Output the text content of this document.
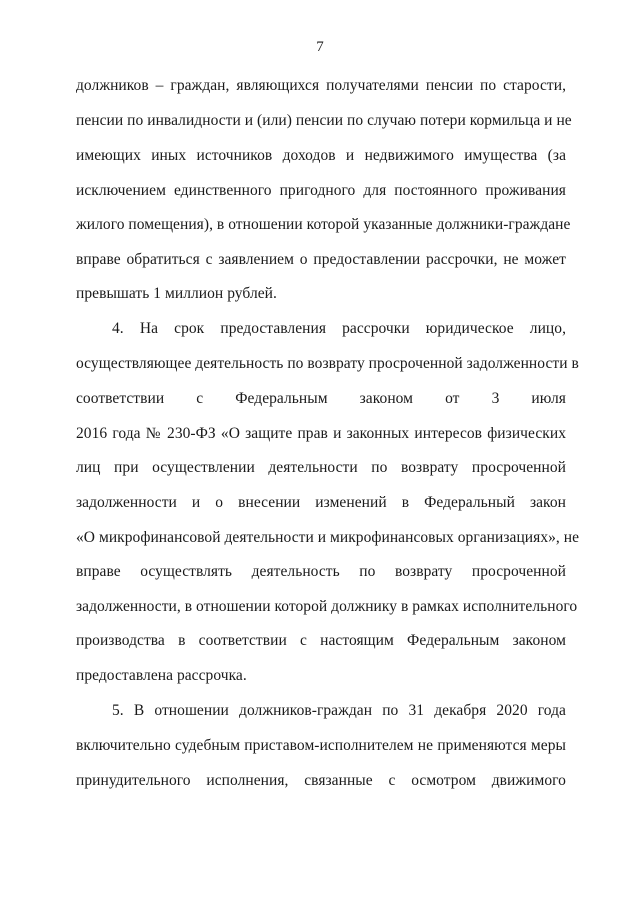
7
должников – граждан, являющихся получателями пенсии по старости,
пенсии по инвалидности и (или) пенсии по случаю потери кормильца и не
имеющих иных источников доходов и недвижимого имущества (за
исключением единственного пригодного для постоянного проживания
жилого помещения), в отношении которой указанные должники-граждане
вправе обратиться с заявлением о предоставлении рассрочки, не может
превышать 1 миллион рублей.
4. На срок предоставления рассрочки юридическое лицо,
осуществляющее деятельность по возврату просроченной задолженности в
соответствии с Федеральным законом от 3 июля
2016 года № 230-ФЗ «О защите прав и законных интересов физических
лиц при осуществлении деятельности по возврату просроченной
задолженности и о внесении изменений в Федеральный закон
«О микрофинансовой деятельности и микрофинансовых организациях», не
вправе осуществлять деятельность по возврату просроченной
задолженности, в отношении которой должнику в рамках исполнительного
производства в соответствии с настоящим Федеральным законом
предоставлена рассрочка.
5. В отношении должников-граждан по 31 декабря 2020 года
включительно судебным приставом-исполнителем не применяются меры
принудительного исполнения, связанные с осмотром движимого
